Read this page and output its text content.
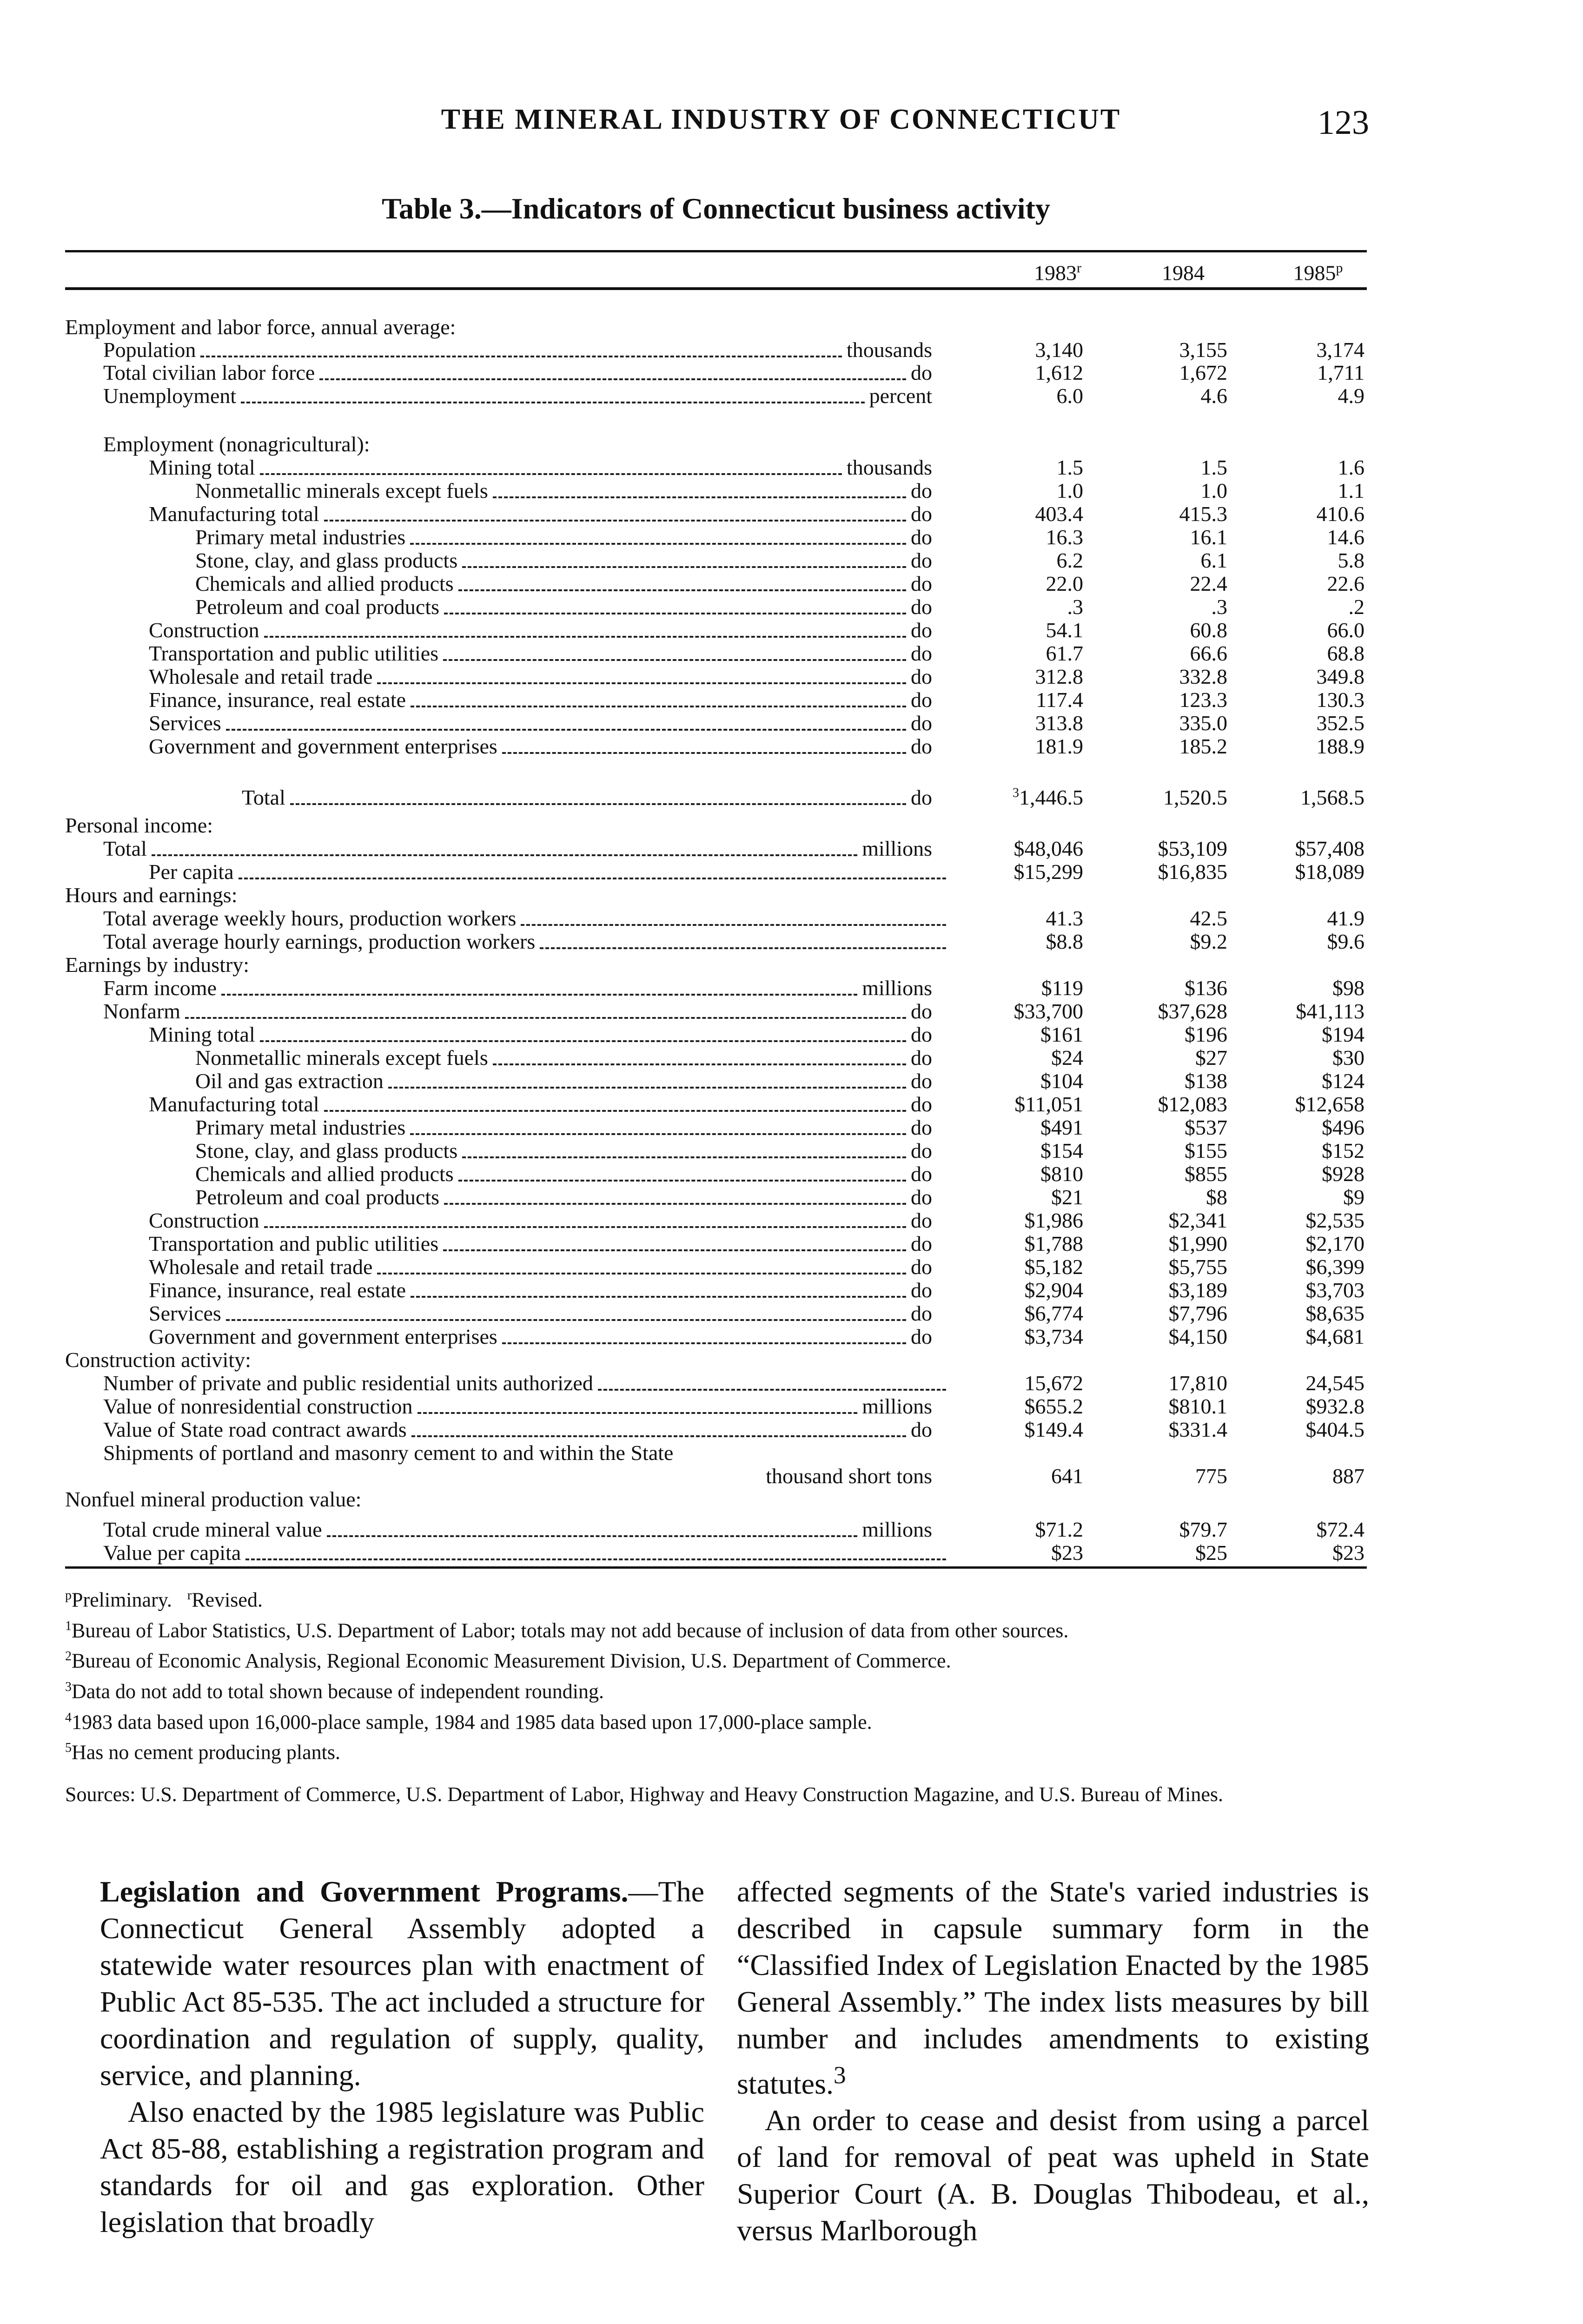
THE MINERAL INDUSTRY OF CONNECTICUT	123
Table 3.—Indicators of Connecticut business activity
1983$^r$	1984	1985$^p$
Employment and labor force, annual average:
Population	thousands	3,140	3,155	3,174
Total civilian labor force	do	1,612	1,672	1,711
Unemployment	percent	6.0	4.6	4.9
Employment (nonagricultural):
Mining total	thousands	1.5	1.5	1.6
Nonmetallic minerals except fuels	do	1.0	1.0	1.1
Manufacturing total	do	403.4	415.3	410.6
Primary metal industries	do	16.3	16.1	14.6
Stone, clay, and glass products	do	6.2	6.1	5.8
Chemicals and allied products	do	22.0	22.4	22.6
Petroleum and coal products	do	.3	.3	.2
Construction	do	54.1	60.8	66.0
Transportation and public utilities	do	61.7	66.6	68.8
Wholesale and retail trade	do	312.8	332.8	349.8
Finance, insurance, real estate	do	117.4	123.3	130.3
Services	do	313.8	335.0	352.5
Government and government enterprises	do	181.9	185.2	188.9
Total	do	$^3$1,446.5	1,520.5	1,568.5
Personal income:
Total	millions	$48,046	$53,109	$57,408
Per capita	$15,299	$16,835	$18,089
Hours and earnings:
Total average weekly hours, production workers	41.3	42.5	41.9
Total average hourly earnings, production workers	$8.8	$9.2	$9.6
Earnings by industry:
Farm income	millions	$119	$136	$98
Nonfarm	do	$33,700	$37,628	$41,113
Mining total	do	$161	$196	$194
Nonmetallic minerals except fuels	do	$24	$27	$30
Oil and gas extraction	do	$104	$138	$124
Manufacturing total	do	$11,051	$12,083	$12,658
Primary metal industries	do	$491	$537	$496
Stone, clay, and glass products	do	$154	$155	$152
Chemicals and allied products	do	$810	$855	$928
Petroleum and coal products	do	$21	$8	$9
Construction	do	$1,986	$2,341	$2,535
Transportation and public utilities	do	$1,788	$1,990	$2,170
Wholesale and retail trade	do	$5,182	$5,755	$6,399
Finance, insurance, real estate	do	$2,904	$3,189	$3,703
Services	do	$6,774	$7,796	$8,635
Government and government enterprises	do	$3,734	$4,150	$4,681
Construction activity:
Number of private and public residential units authorized	15,672	17,810	24,545
Value of nonresidential construction	millions	$655.2	$810.1	$932.8
Value of State road contract awards	do	$149.4	$331.4	$404.5
Shipments of portland and masonry cement to and within the State
thousand short tons	641	775	887
Nonfuel mineral production value:
Total crude mineral value	millions	$71.2	$79.7	$72.4
Value per capita	$23	$25	$23

$^p$Preliminary. $^r$Revised.

$^1$Bureau of Labor Statistics, U.S. Department of Labor; totals may not add because of inclusion of data from other sources.

$^2$Bureau of Economic Analysis, Regional Economic Measurement Division, U.S. Department of Commerce.

$^3$Data do not add to total shown because of independent rounding.

$^4$1983 data based upon 16,000-place sample, 1984 and 1985 data based upon 17,000-place sample.

$^5$Has no cement producing plants.

Sources: U.S. Department of Commerce, U.S. Department of Labor, Highway and Heavy Construction Magazine, and U.S. Bureau of Mines.

Legislation and Government Programs.—The Connecticut General Assembly adopted a statewide water resources plan with enactment of Public Act 85-535. The act included a structure for coordination and regulation of supply, quality, service, and planning.

Also enacted by the 1985 legislature was Public Act 85-88, establishing a registration program and standards for oil and gas exploration. Other legislation that broadly

affected segments of the State's varied industries is described in capsule summary form in the “Classified Index of Legislation Enacted by the 1985 General Assembly.” The index lists measures by bill number and includes amendments to existing statutes.$^3$

An order to cease and desist from using a parcel of land for removal of peat was upheld in State Superior Court (A. B. Douglas Thibodeau, et al., versus Marlborough
